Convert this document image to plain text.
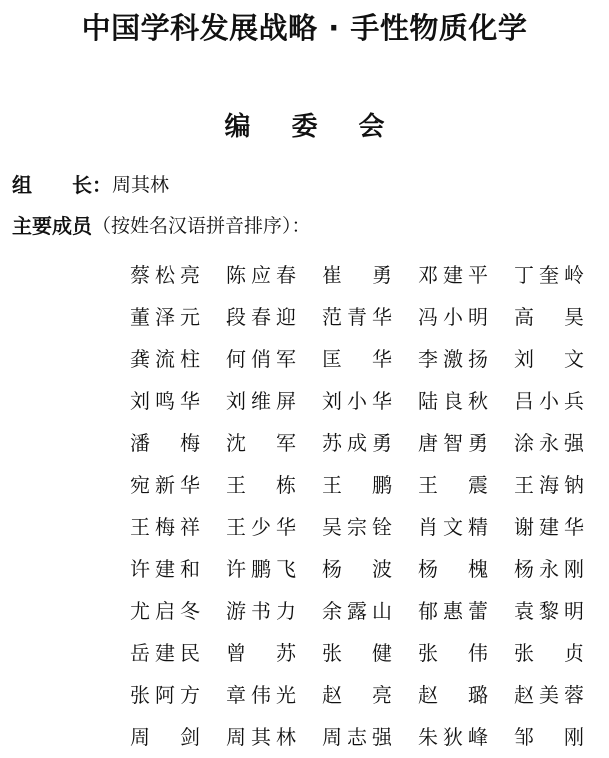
中国学科发展战略 · 手性物质化学
编 委 会
组　　长： 周其林
主要成员 （按姓名汉语拼音排序）：
蔡松亮 陈应春 崔　勇 邓建平 丁奎岭
董泽元 段春迎 范青华 冯小明 高　昊
龚流柱 何俏军 匡　华 李激扬 刘　文
刘鸣华 刘维屏 刘小华 陆良秋 吕小兵
潘　梅 沈　军 苏成勇 唐智勇 涂永强
宛新华 王　栋 王　鹏 王　震 王海钠
王梅祥 王少华 吴宗铨 肖文精 谢建华
许建和 许鹏飞 杨　波 杨　槐 杨永刚
尤启冬 游书力 余露山 郁惠蕾 袁黎明
岳建民 曾　苏 张　健 张　伟 张　贞
张阿方 章伟光 赵　亮 赵　璐 赵美蓉
周　剑 周其林 周志强 朱狄峰 邹　刚
